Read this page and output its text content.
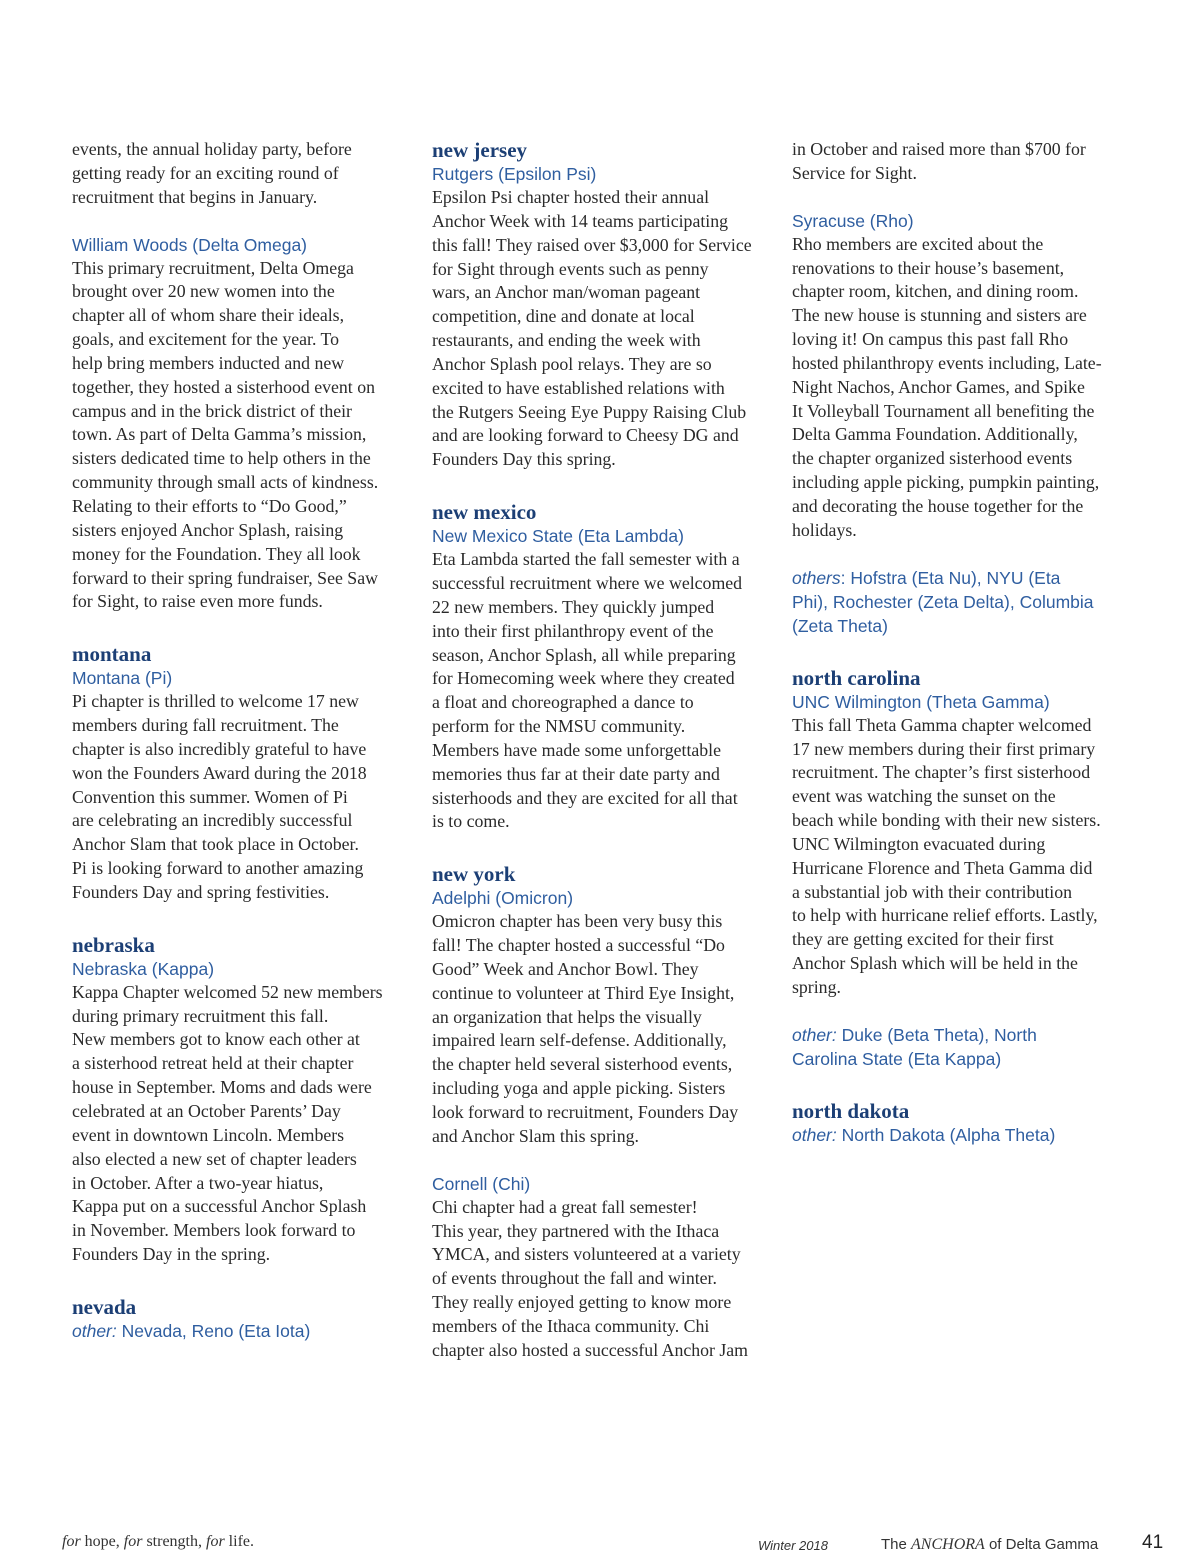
events, the annual holiday party, before
getting ready for an exciting round of
recruitment that begins in January.
William Woods (Delta Omega)
This primary recruitment, Delta Omega
brought over 20 new women into the
chapter all of whom share their ideals,
goals, and excitement for the year. To
help bring members inducted and new
together, they hosted a sisterhood event on
campus and in the brick district of their
town. As part of Delta Gamma’s mission,
sisters dedicated time to help others in the
community through small acts of kindness.
Relating to their efforts to “Do Good,”
sisters enjoyed Anchor Splash, raising
money for the Foundation. They all look
forward to their spring fundraiser, See Saw
for Sight, to raise even more funds.
montana
Montana (Pi)
Pi chapter is thrilled to welcome 17 new
members during fall recruitment. The
chapter is also incredibly grateful to have
won the Founders Award during the 2018
Convention this summer. Women of Pi
are celebrating an incredibly successful
Anchor Slam that took place in October.
Pi is looking forward to another amazing
Founders Day and spring festivities.
nebraska
Nebraska (Kappa)
Kappa Chapter welcomed 52 new members
during primary recruitment this fall.
New members got to know each other at
a sisterhood retreat held at their chapter
house in September. Moms and dads were
celebrated at an October Parents’ Day
event in downtown Lincoln. Members
also elected a new set of chapter leaders
in October. After a two-year hiatus,
Kappa put on a successful Anchor Splash
in November. Members look forward to
Founders Day in the spring.
nevada
other: Nevada, Reno (Eta Iota)
new jersey
Rutgers (Epsilon Psi)
Epsilon Psi chapter hosted their annual
Anchor Week with 14 teams participating
this fall! They raised over $3,000 for Service
for Sight through events such as penny
wars, an Anchor man/woman pageant
competition, dine and donate at local
restaurants, and ending the week with
Anchor Splash pool relays. They are so
excited to have established relations with
the Rutgers Seeing Eye Puppy Raising Club
and are looking forward to Cheesy DG and
Founders Day this spring.
new mexico
New Mexico State (Eta Lambda)
Eta Lambda started the fall semester with a
successful recruitment where we welcomed
22 new members. They quickly jumped
into their first philanthropy event of the
season, Anchor Splash, all while preparing
for Homecoming week where they created
a float and choreographed a dance to
perform for the NMSU community.
Members have made some unforgettable
memories thus far at their date party and
sisterhoods and they are excited for all that
is to come.
new york
Adelphi (Omicron)
Omicron chapter has been very busy this
fall! The chapter hosted a successful “Do
Good” Week and Anchor Bowl. They
continue to volunteer at Third Eye Insight,
an organization that helps the visually
impaired learn self-defense. Additionally,
the chapter held several sisterhood events,
including yoga and apple picking. Sisters
look forward to recruitment, Founders Day
and Anchor Slam this spring.
Cornell (Chi)
Chi chapter had a great fall semester!
This year, they partnered with the Ithaca
YMCA, and sisters volunteered at a variety
of events throughout the fall and winter.
They really enjoyed getting to know more
members of the Ithaca community. Chi
chapter also hosted a successful Anchor Jam
in October and raised more than $700 for
Service for Sight.
Syracuse (Rho)
Rho members are excited about the
renovations to their house’s basement,
chapter room, kitchen, and dining room.
The new house is stunning and sisters are
loving it! On campus this past fall Rho
hosted philanthropy events including, Late-
Night Nachos, Anchor Games, and Spike
It Volleyball Tournament all benefiting the
Delta Gamma Foundation. Additionally,
the chapter organized sisterhood events
including apple picking, pumpkin painting,
and decorating the house together for the
holidays.
others: Hofstra (Eta Nu), NYU (Eta
Phi), Rochester (Zeta Delta), Columbia
(Zeta Theta)
north carolina
UNC Wilmington (Theta Gamma)
This fall Theta Gamma chapter welcomed
17 new members during their first primary
recruitment. The chapter’s first sisterhood
event was watching the sunset on the
beach while bonding with their new sisters.
UNC Wilmington evacuated during
Hurricane Florence and Theta Gamma did
a substantial job with their contribution
to help with hurricane relief efforts. Lastly,
they are getting excited for their first
Anchor Splash which will be held in the
spring.
other: Duke (Beta Theta), North
Carolina State (Eta Kappa)
north dakota
other: North Dakota (Alpha Theta)
for hope, for strength, for life.	Winter 2018	The ANCHORA of Delta Gamma 41
